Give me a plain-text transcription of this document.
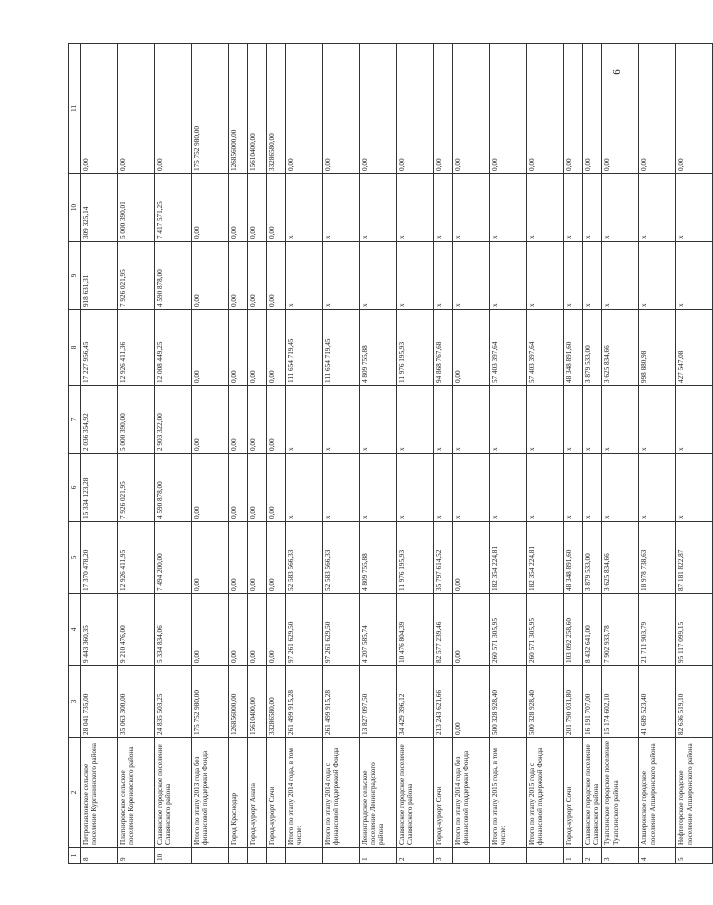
6
1	2	3	4	5	6	7	8	9	10	11
8	Петропавловское сельское поселение Курганинского района	28 041 735,00	9 443 360,35	17 370 478,20	15 334 123,28	2 036 354,92	17 227 956,45	918 631,31	309 325,14	0,00
9	Платнировское сельское поселение Кореновского района	35 063 300,00	9 210 476,00	12 926 411,95	7 926 021,95	5 000 390,00	12 926 411,36	7 926 021,95	5 000 390,01	0,00
10	Славянское городское поселение Славянского района	24 835 503,25	5 334 834,06	7 494 200,00	4 590 878,00	2 903 322,00	12 008 449,25	4 590 878,00	7 417 571,25	0,00
	Итого по этапу 2013 года без финансовой поддержки Фонда	175 752 980,00	0,00	0,00	0,00	0,00	0,00	0,00	0,00	175 752 980,00
	Город Краснодар	126856000,00	0,00	0,00	0,00	0,00	0,00	0,00	0,00	126856000,00
	Город-курорт Анапа	15610400,00	0,00	0,00	0,00	0,00	0,00	0,00	0,00	15610400,00
	Город-курорт Сочи	33286580,00	0,00	0,00	0,00	0,00	0,00	0,00	0,00	33286580,00
	Итого по этапу 2014 года, в том числе:	261 499 915,28	97 261 629,50	52 583 566,33	x	x	111 654 719,45	x	x	0,00
	Итого по этапу 2014 года с финансовой поддержкой Фонда	261 499 915,28	97 261 629,50	52 583 566,33	x	x	111 654 719,45	x	x	0,00
1	Ленинградское сельское поселение Ленинградского района	13 827 097,50	4 207 585,74	4 809 755,88	x	x	4 809 755,88	x	x	0,00
2	Славянское городское поселение Славянского района	34 429 396,12	10 476 804,39	11 976 195,93	x	x	11 976 195,93	x	x	0,00
3	Город-курорт Сочи	213 243 621,66	82 577 239,46	35 797 614,52	x	x	94 868 767,68	x	x	0,00
	Итого по этапу 2014 года без финансовой поддержки Фонда	0,00	0,00	0,00	x	x	0,00	x	x	0,00
	Итого по этапу 2015 года, в том числе:	500 328 928,40	260 571 305,95	182 354 224,81	x	x	57 403 397,64	x	x	0,00
	Итого по этапу 2015 года с финансовой поддержкой Фонда	500 328 928,40	260 571 305,95	182 354 224,81	x	x	57 403 397,64	x	x	0,00
1	Город-курорт Сочи	201 790 031,80	103 092 258,60	48 348 891,60	x	x	48 348 891,60	x	x	0,00
2	Славянское городское поселение Славянского района	16 191 707,00	8 432 641,00	3 879 533,00	x	x	3 879 533,00	x	x	0,00
3	Туапсинское городское поселение Туапсинского района	15 174 602,10	7 902 933,78	3 625 834,66	x	x	3 625 834,66	x	x	0,00
4	Апшеронское городское поселение Апшеронского района	41 689 523,40	21 711 903,79	18 978 738,63	x	x	998 880,98	x	x	0,00
5	Нефтегорское городское поселение Апшеронского района	82 636 519,10	95 117 099,15	87 181 822,87	x	x	427 547,08	x	x	0,00
